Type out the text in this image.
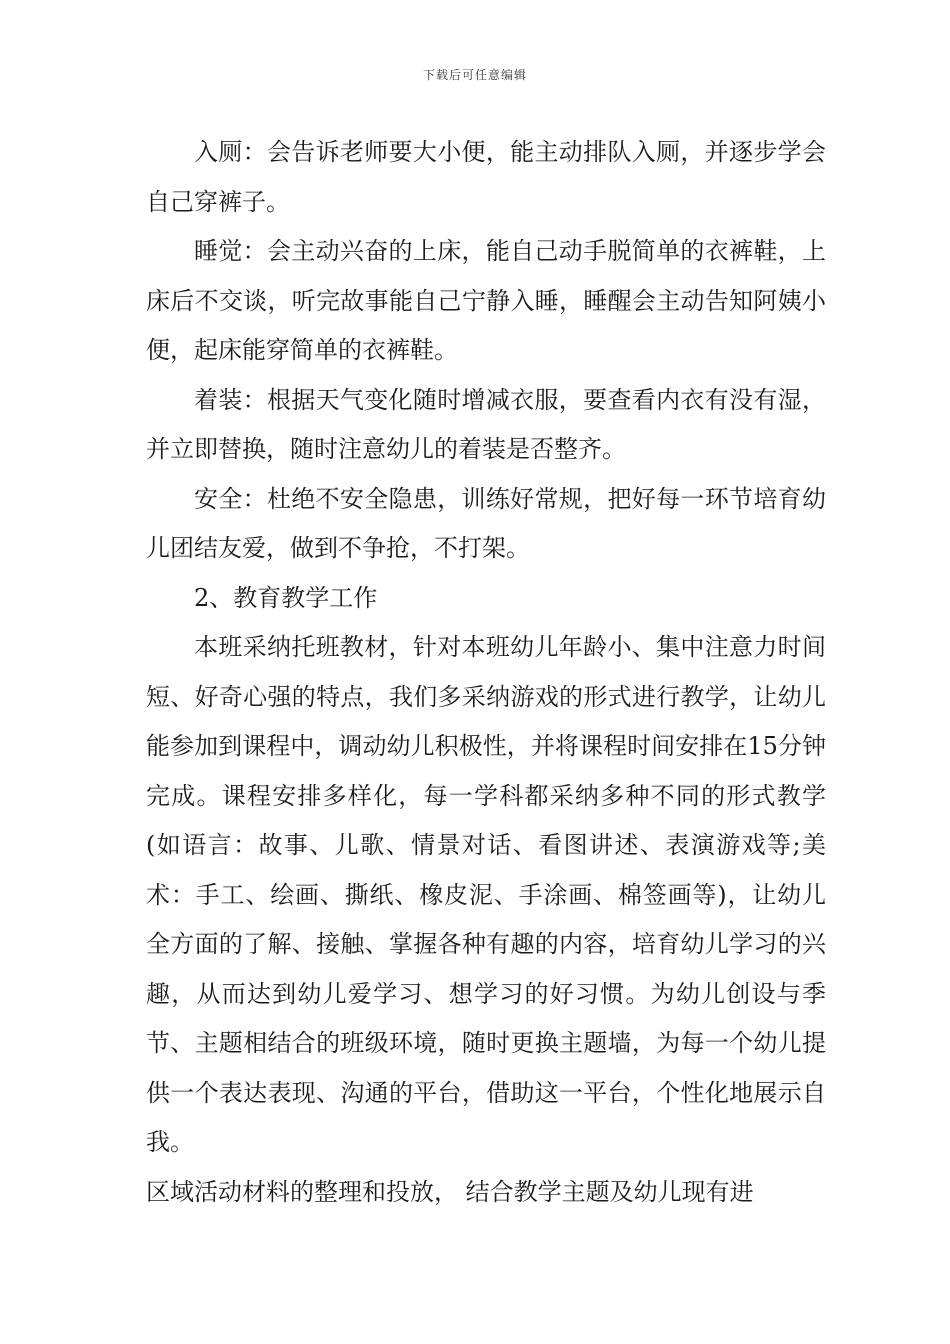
下载后可任意编辑

入厕：会告诉老师要大小便，能主动排队入厕，并逐步学会自己穿裤子。

睡觉：会主动兴奋的上床，能自己动手脱简单的衣裤鞋，上床后不交谈，听完故事能自己宁静入睡，睡醒会主动告知阿姨小便，起床能穿简单的衣裤鞋。

着装：根据天气变化随时增减衣服，要查看内衣有没有湿，并立即替换，随时注意幼儿的着装是否整齐。

安全：杜绝不安全隐患，训练好常规，把好每一环节培育幼儿团结友爱，做到不争抢，不打架。

2、教育教学工作

本班采纳托班教材，针对本班幼儿年龄小、集中注意力时间短、好奇心强的特点，我们多采纳游戏的形式进行教学，让幼儿能参加到课程中，调动幼儿积极性，并将课程时间安排在15分钟完成。课程安排多样化，每一学科都采纳多种不同的形式教学(如语言：故事、儿歌、情景对话、看图讲述、表演游戏等;美术：手工、绘画、撕纸、橡皮泥、手涂画、棉签画等)，让幼儿全方面的了解、接触、掌握各种有趣的内容，培育幼儿学习的兴趣，从而达到幼儿爱学习、想学习的好习惯。为幼儿创设与季节、主题相结合的班级环境，随时更换主题墙，为每一个幼儿提供一个表达表现、沟通的平台，借助这一平台，个性化地展示自我。

区域活动材料的整理和投放， 结合教学主题及幼儿现有进
